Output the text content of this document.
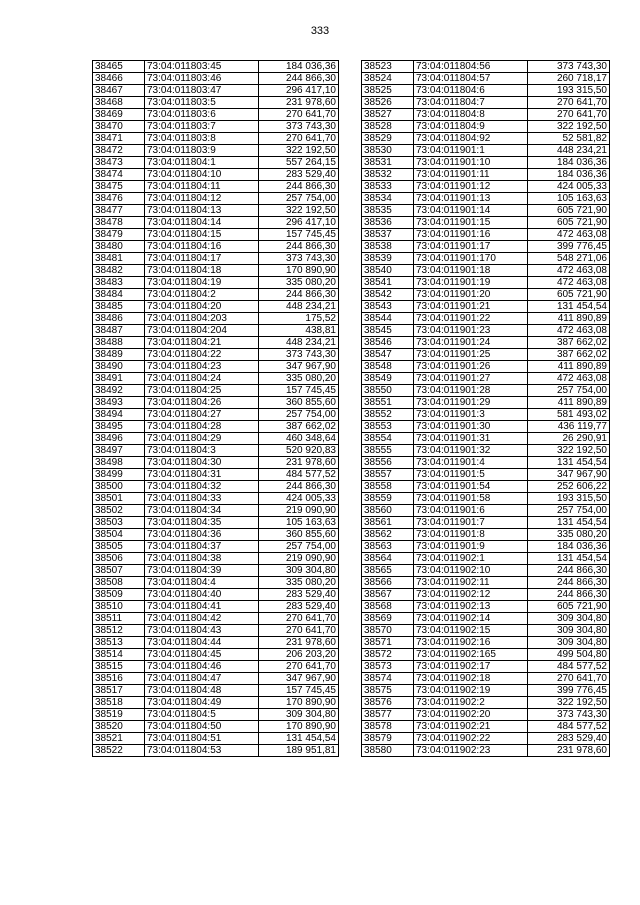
333
38465	73:04:011803:45	184 036,36
38466	73:04:011803:46	244 866,30
38467	73:04:011803:47	296 417,10
38468	73:04:011803:5	231 978,60
38469	73:04:011803:6	270 641,70
38470	73:04:011803:7	373 743,30
38471	73:04:011803:8	270 641,70
38472	73:04:011803:9	322 192,50
38473	73:04:011804:1	557 264,15
38474	73:04:011804:10	283 529,40
38475	73:04:011804:11	244 866,30
38476	73:04:011804:12	257 754,00
38477	73:04:011804:13	322 192,50
38478	73:04:011804:14	296 417,10
38479	73:04:011804:15	157 745,45
38480	73:04:011804:16	244 866,30
38481	73:04:011804:17	373 743,30
38482	73:04:011804:18	170 890,90
38483	73:04:011804:19	335 080,20
38484	73:04:011804:2	244 866,30
38485	73:04:011804:20	448 234,21
38486	73:04:011804:203	175,52
38487	73:04:011804:204	438,81
38488	73:04:011804:21	448 234,21
38489	73:04:011804:22	373 743,30
38490	73:04:011804:23	347 967,90
38491	73:04:011804:24	335 080,20
38492	73:04:011804:25	157 745,45
38493	73:04:011804:26	360 855,60
38494	73:04:011804:27	257 754,00
38495	73:04:011804:28	387 662,02
38496	73:04:011804:29	460 348,64
38497	73:04:011804:3	520 920,83
38498	73:04:011804:30	231 978,60
38499	73:04:011804:31	484 577,52
38500	73:04:011804:32	244 866,30
38501	73:04:011804:33	424 005,33
38502	73:04:011804:34	219 090,90
38503	73:04:011804:35	105 163,63
38504	73:04:011804:36	360 855,60
38505	73:04:011804:37	257 754,00
38506	73:04:011804:38	219 090,90
38507	73:04:011804:39	309 304,80
38508	73:04:011804:4	335 080,20
38509	73:04:011804:40	283 529,40
38510	73:04:011804:41	283 529,40
38511	73:04:011804:42	270 641,70
38512	73:04:011804:43	270 641,70
38513	73:04:011804:44	231 978,60
38514	73:04:011804:45	206 203,20
38515	73:04:011804:46	270 641,70
38516	73:04:011804:47	347 967,90
38517	73:04:011804:48	157 745,45
38518	73:04:011804:49	170 890,90
38519	73:04:011804:5	309 304,80
38520	73:04:011804:50	170 890,90
38521	73:04:011804:51	131 454,54
38522	73:04:011804:53	189 951,81
38523	73:04:011804:56	373 743,30
38524	73:04:011804:57	260 718,17
38525	73:04:011804:6	193 315,50
38526	73:04:011804:7	270 641,70
38527	73:04:011804:8	270 641,70
38528	73:04:011804:9	322 192,50
38529	73:04:011804:92	52 581,82
38530	73:04:011901:1	448 234,21
38531	73:04:011901:10	184 036,36
38532	73:04:011901:11	184 036,36
38533	73:04:011901:12	424 005,33
38534	73:04:011901:13	105 163,63
38535	73:04:011901:14	605 721,90
38536	73:04:011901:15	605 721,90
38537	73:04:011901:16	472 463,08
38538	73:04:011901:17	399 776,45
38539	73:04:011901:170	548 271,06
38540	73:04:011901:18	472 463,08
38541	73:04:011901:19	472 463,08
38542	73:04:011901:20	605 721,90
38543	73:04:011901:21	131 454,54
38544	73:04:011901:22	411 890,89
38545	73:04:011901:23	472 463,08
38546	73:04:011901:24	387 662,02
38547	73:04:011901:25	387 662,02
38548	73:04:011901:26	411 890,89
38549	73:04:011901:27	472 463,08
38550	73:04:011901:28	257 754,00
38551	73:04:011901:29	411 890,89
38552	73:04:011901:3	581 493,02
38553	73:04:011901:30	436 119,77
38554	73:04:011901:31	26 290,91
38555	73:04:011901:32	322 192,50
38556	73:04:011901:4	131 454,54
38557	73:04:011901:5	347 967,90
38558	73:04:011901:54	252 606,22
38559	73:04:011901:58	193 315,50
38560	73:04:011901:6	257 754,00
38561	73:04:011901:7	131 454,54
38562	73:04:011901:8	335 080,20
38563	73:04:011901:9	184 036,36
38564	73:04:011902:1	131 454,54
38565	73:04:011902:10	244 866,30
38566	73:04:011902:11	244 866,30
38567	73:04:011902:12	244 866,30
38568	73:04:011902:13	605 721,90
38569	73:04:011902:14	309 304,80
38570	73:04:011902:15	309 304,80
38571	73:04:011902:16	309 304,80
38572	73:04:011902:165	499 504,80
38573	73:04:011902:17	484 577,52
38574	73:04:011902:18	270 641,70
38575	73:04:011902:19	399 776,45
38576	73:04:011902:2	322 192,50
38577	73:04:011902:20	373 743,30
38578	73:04:011902:21	484 577,52
38579	73:04:011902:22	283 529,40
38580	73:04:011902:23	231 978,60
